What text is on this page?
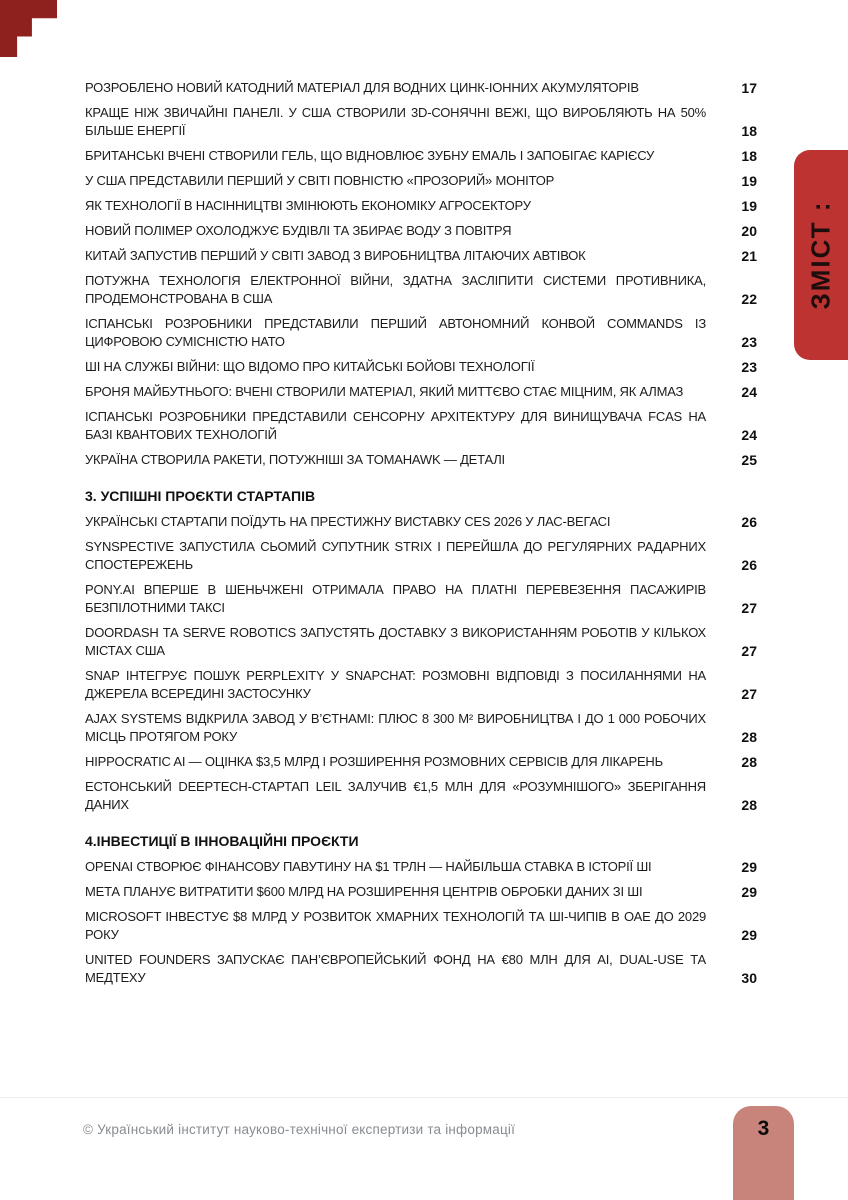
ЗМІСТ :
РОЗРОБЛЕНО НОВИЙ КАТОДНИЙ МАТЕРІАЛ ДЛЯ ВОДНИХ ЦИНК-ІОННИХ АКУМУЛЯТОРІВ	17
КРАЩЕ НІЖ ЗВИЧАЙНІ ПАНЕЛІ. У США СТВОРИЛИ 3D-СОНЯЧНІ ВЕЖІ, ЩО ВИРОБЛЯЮТЬ НА 50% БІЛЬШЕ ЕНЕРГІЇ	18
БРИТАНСЬКІ ВЧЕНІ СТВОРИЛИ ГЕЛЬ, ЩО ВІДНОВЛЮЄ ЗУБНУ ЕМАЛЬ І ЗАПОБІГАЄ КАРІЄСУ	18
У США ПРЕДСТАВИЛИ ПЕРШИЙ У СВІТІ ПОВНІСТЮ «ПРОЗОРИЙ» МОНІТОР	19
ЯК ТЕХНОЛОГІЇ В НАСІННИЦТВІ ЗМІНЮЮТЬ ЕКОНОМІКУ АГРОСЕКТОРУ	19
НОВИЙ ПОЛІМЕР ОХОЛОДЖУЄ БУДІВЛІ ТА ЗБИРАЄ ВОДУ З ПОВІТРЯ	20
КИТАЙ ЗАПУСТИВ ПЕРШИЙ У СВІТІ ЗАВОД З ВИРОБНИЦТВА ЛІТАЮЧИХ АВТІВОК	21
ПОТУЖНА ТЕХНОЛОГІЯ ЕЛЕКТРОННОЇ ВІЙНИ, ЗДАТНА ЗАСЛІПИТИ СИСТЕМИ ПРОТИВНИКА, ПРОДЕМОНСТРОВАНА В США	22
ІСПАНСЬКІ РОЗРОБНИКИ ПРЕДСТАВИЛИ ПЕРШИЙ АВТОНОМНИЙ КОНВОЙ COMMANDS ІЗ ЦИФРОВОЮ СУМІСНІСТЮ НАТО	23
ШІ НА СЛУЖБІ ВІЙНИ: ЩО ВІДОМО ПРО КИТАЙСЬКІ БОЙОВІ ТЕХНОЛОГІЇ	23
БРОНЯ МАЙБУТНЬОГО: ВЧЕНІ СТВОРИЛИ МАТЕРІАЛ, ЯКИЙ МИТТЄВО СТАЄ МІЦНИМ, ЯК АЛМАЗ	24
ІСПАНСЬКІ РОЗРОБНИКИ ПРЕДСТАВИЛИ СЕНСОРНУ АРХІТЕКТУРУ ДЛЯ ВИНИЩУВАЧА FCAS НА БАЗІ КВАНТОВИХ ТЕХНОЛОГІЙ	24
УКРАЇНА СТВОРИЛА РАКЕТИ, ПОТУЖНІШІ ЗА TOMAHAWK — ДЕТАЛІ	25
3. УСПІШНІ ПРОЄКТИ СТАРТАПІВ
УКРАЇНСЬКІ СТАРТАПИ ПОЇДУТЬ НА ПРЕСТИЖНУ ВИСТАВКУ CES 2026 У ЛАС-ВЕГАСІ	26
SYNSPECTIVE ЗАПУСТИЛА СЬОМИЙ СУПУТНИК STRIX І ПЕРЕЙШЛА ДО РЕГУЛЯРНИХ РАДАРНИХ СПОСТЕРЕЖЕНЬ	26
PONY.AI ВПЕРШЕ В ШЕНЬЧЖЕНІ ОТРИМАЛА ПРАВО НА ПЛАТНІ ПЕРЕВЕЗЕННЯ ПАСАЖИРІВ БЕЗПІЛОТНИМИ ТАКСІ	27
DOORDASH ТА SERVE ROBOTICS ЗАПУСТЯТЬ ДОСТАВКУ З ВИКОРИСТАННЯМ РОБОТІВ У КІЛЬКОХ МІСТАХ США	27
SNAP ІНТЕГРУЄ ПОШУК PERPLEXITY У SNAPCHAT: РОЗМОВНІ ВІДПОВІДІ З ПОСИЛАННЯМИ НА ДЖЕРЕЛА ВСЕРЕДИНІ ЗАСТОСУНКУ	27
AJAX SYSTEMS ВІДКРИЛА ЗАВОД У В’ЄТНАМІ: ПЛЮС 8 300 М² ВИРОБНИЦТВА І ДО 1 000 РОБОЧИХ МІСЦЬ ПРОТЯГОМ РОКУ	28
HIPPOCRATIC AI — ОЦІНКА $3,5 МЛРД І РОЗШИРЕННЯ РОЗМОВНИХ СЕРВІСІВ ДЛЯ ЛІКАРЕНЬ	28
ЕСТОНСЬКИЙ DEEPTECH-СТАРТАП LEIL ЗАЛУЧИВ €1,5 МЛН ДЛЯ «РОЗУМНІШОГО» ЗБЕРІГАННЯ ДАНИХ	28
4.ІНВЕСТИЦІЇ В ІННОВАЦІЙНІ ПРОЄКТИ
OPENAI СТВОРЮЄ ФІНАНСОВУ ПАВУТИНУ НА $1 ТРЛН — НАЙБІЛЬША СТАВКА В ІСТОРІЇ ШІ	29
МЕТА ПЛАНУЄ ВИТРАТИТИ $600 МЛРД НА РОЗШИРЕННЯ ЦЕНТРІВ ОБРОБКИ ДАНИХ ЗІ ШІ	29
MICROSOFT ІНВЕСТУЄ $8 МЛРД У РОЗВИТОК ХМАРНИХ ТЕХНОЛОГІЙ ТА ШІ-ЧИПІВ В ОАЕ ДО 2029 РОКУ	29
UNITED FOUNDERS ЗАПУСКАЄ ПАН’ЄВРОПЕЙСЬКИЙ ФОНД НА €80 МЛН ДЛЯ AI, DUAL-USE ТА МЕДТЕХУ	30
© Український інститут науково-технічної експертизи та інформації	3
